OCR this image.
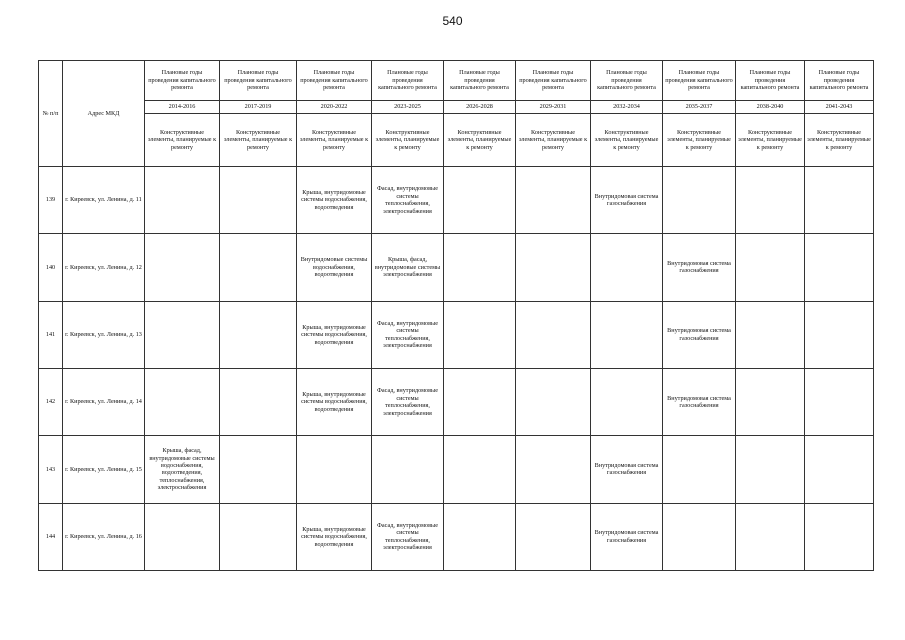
540
№ п/п	Адрес МКД	Плановые годы проведения капитального ремонта	Плановые годы проведения капитального ремонта	Плановые годы проведения капитального ремонта	Плановые годы проведения капитального ремонта	Плановые годы проведения капитального ремонта	Плановые годы проведения капитального ремонта	Плановые годы проведения капитального ремонта	Плановые годы проведения капитального ремонта	Плановые годы проведения капитального ремонта	Плановые годы проведения капитального ремонта
		2014-2016	2017-2019	2020-2022	2023-2025	2026-2028	2029-2031	2032-2034	2035-2037	2038-2040	2041-2043
		Конструктивные элементы, планируемые к ремонту	Конструктивные элементы, планируемые к ремонту	Конструктивные элементы, планируемые к ремонту	Конструктивные элементы, планируемые к ремонту	Конструктивные элементы, планируемые к ремонту	Конструктивные элементы, планируемые к ремонту	Конструктивные элементы, планируемые к ремонту	Конструктивные элементы, планируемые к ремонту	Конструктивные элементы, планируемые к ремонту	Конструктивные элементы, планируемые к ремонту
139	г. Киреевск, ул. Ленина, д. 11			Крыша, внутридомовые системы водоснабжения, водоотведения	Фасад, внутридомовые системы теплоснабжения, электроснабжения			Внутридомовая система газоснабжения			
140	г. Киреевск, ул. Ленина, д. 12			Внутридомовые системы водоснабжения, водоотведения	Крыша, фасад, внутридомовые системы электроснабжения				Внутридомовая система газоснабжения		
141	г. Киреевск, ул. Ленина, д. 13			Крыша, внутридомовые системы водоснабжения, водоотведения	Фасад, внутридомовые системы теплоснабжения, электроснабжения				Внутридомовая система газоснабжения		
142	г. Киреевск, ул. Ленина, д. 14			Крыша, внутридомовые системы водоснабжения, водоотведения	Фасад, внутридомовые системы теплоснабжения, электроснабжения				Внутридомовая система газоснабжения		
143	г. Киреевск, ул. Ленина, д. 15	Крыша, фасад, внутридомовые системы водоснабжения, водоотведения, теплоснабжения, электроснабжения						Внутридомовая система газоснабжения			
144	г. Киреевск, ул. Ленина, д. 16			Крыша, внутридомовые системы водоснабжения, водоотведения	Фасад, внутридомовые системы теплоснабжения, электроснабжения			Внутридомовая система газоснабжения			
